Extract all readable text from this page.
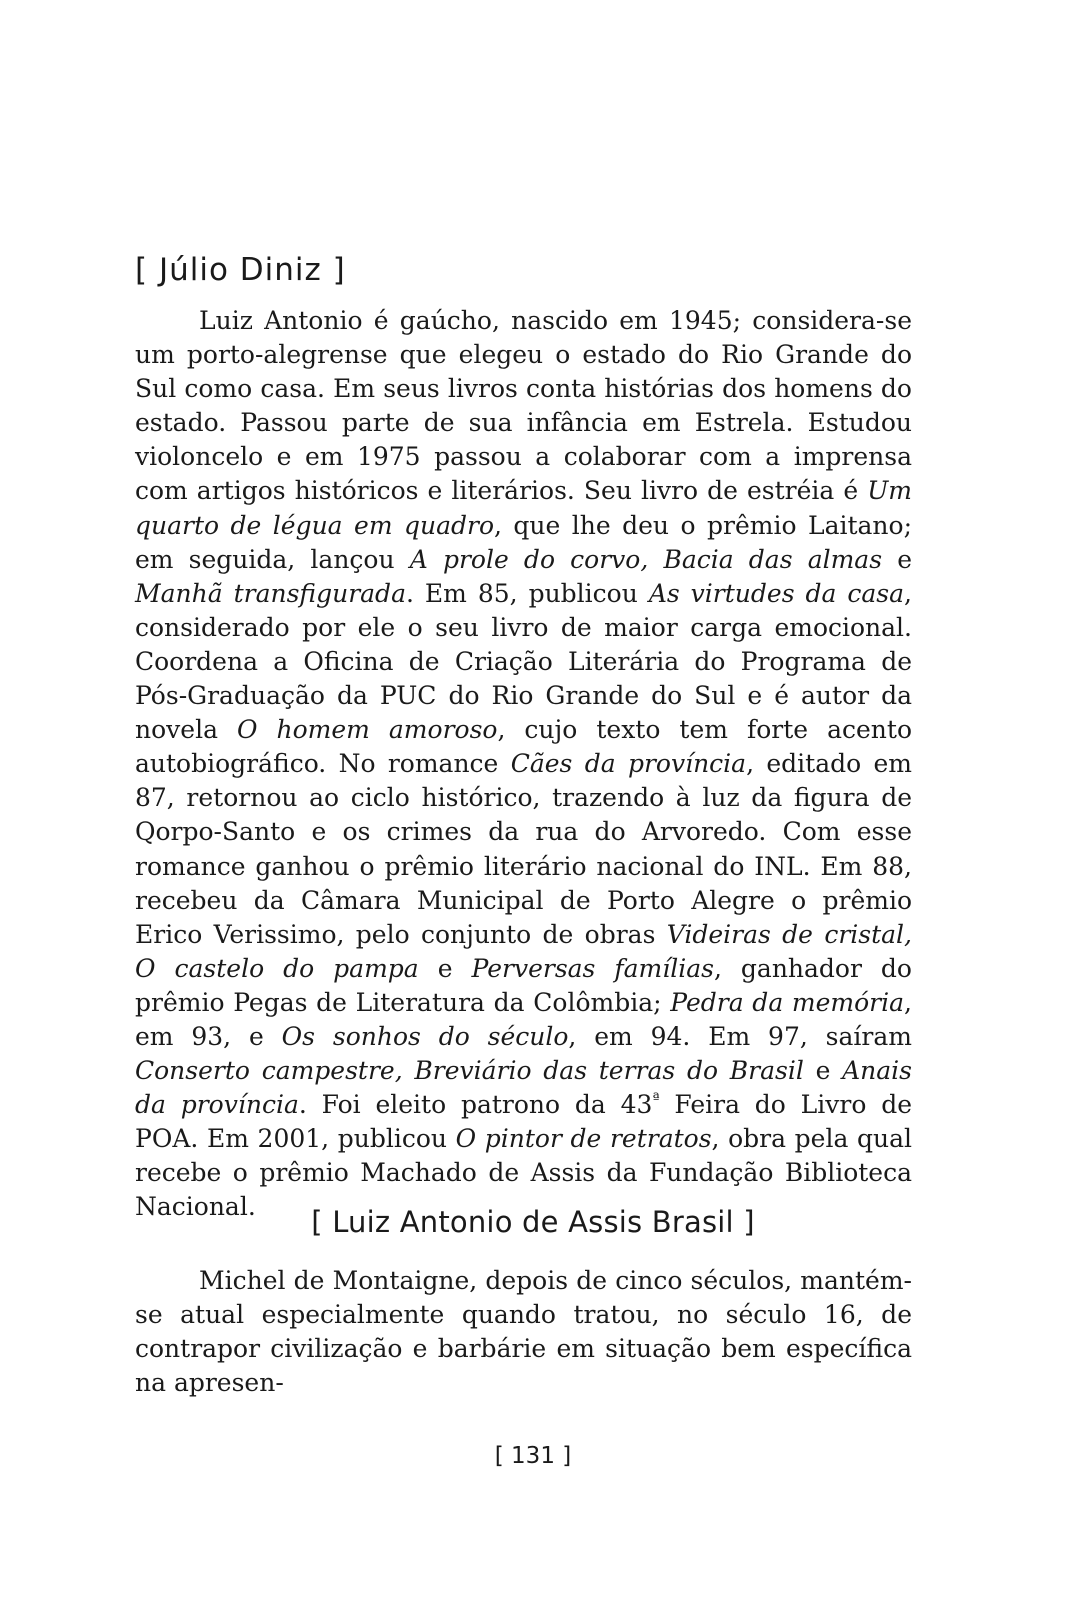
[ Júlio Diniz ]

Luiz Antonio é gaúcho, nascido em 1945; considera-se um porto-alegrense que elegeu o estado do Rio Grande do Sul como casa. Em seus livros conta histórias dos homens do estado. Passou parte de sua infância em Estrela. Estudou violoncelo e em 1975 passou a colaborar com a imprensa com artigos históricos e literários. Seu livro de estréia é Um quarto de légua em quadro, que lhe deu o prêmio Laitano; em seguida, lançou A prole do corvo, Bacia das almas e Manhã transfigurada. Em 85, publicou As virtudes da casa, considerado por ele o seu livro de maior carga emocional. Coordena a Oficina de Criação Literária do Programa de Pós-Graduação da PUC do Rio Grande do Sul e é autor da novela O homem amoroso, cujo texto tem forte acento autobiográfico. No romance Cães da província, editado em 87, retornou ao ciclo histórico, trazendo à luz da figura de Qorpo-Santo e os crimes da rua do Arvoredo. Com esse romance ganhou o prêmio literário nacional do INL. Em 88, recebeu da Câmara Municipal de Porto Alegre o prêmio Erico Verissimo, pelo conjunto de obras Videiras de cristal, O castelo do pampa e Perversas famílias, ganhador do prêmio Pegas de Literatura da Colômbia; Pedra da memória, em 93, e Os sonhos do século, em 94. Em 97, saíram Conserto campestre, Breviário das terras do Brasil e Anais da província. Foi eleito patrono da $43^ª$ Feira do Livro de POA. Em 2001, publicou O pintor de retratos, obra pela qual recebe o prêmio Machado de Assis da Fundação Biblioteca Nacional.	[ Luiz Antonio de Assis Brasil ]

Michel de Montaigne, depois de cinco séculos, mantém-se atual especialmente quando tratou, no século 16, de contrapor civilização e barbárie em situação bem específica na apresen-

[ 131 ]
